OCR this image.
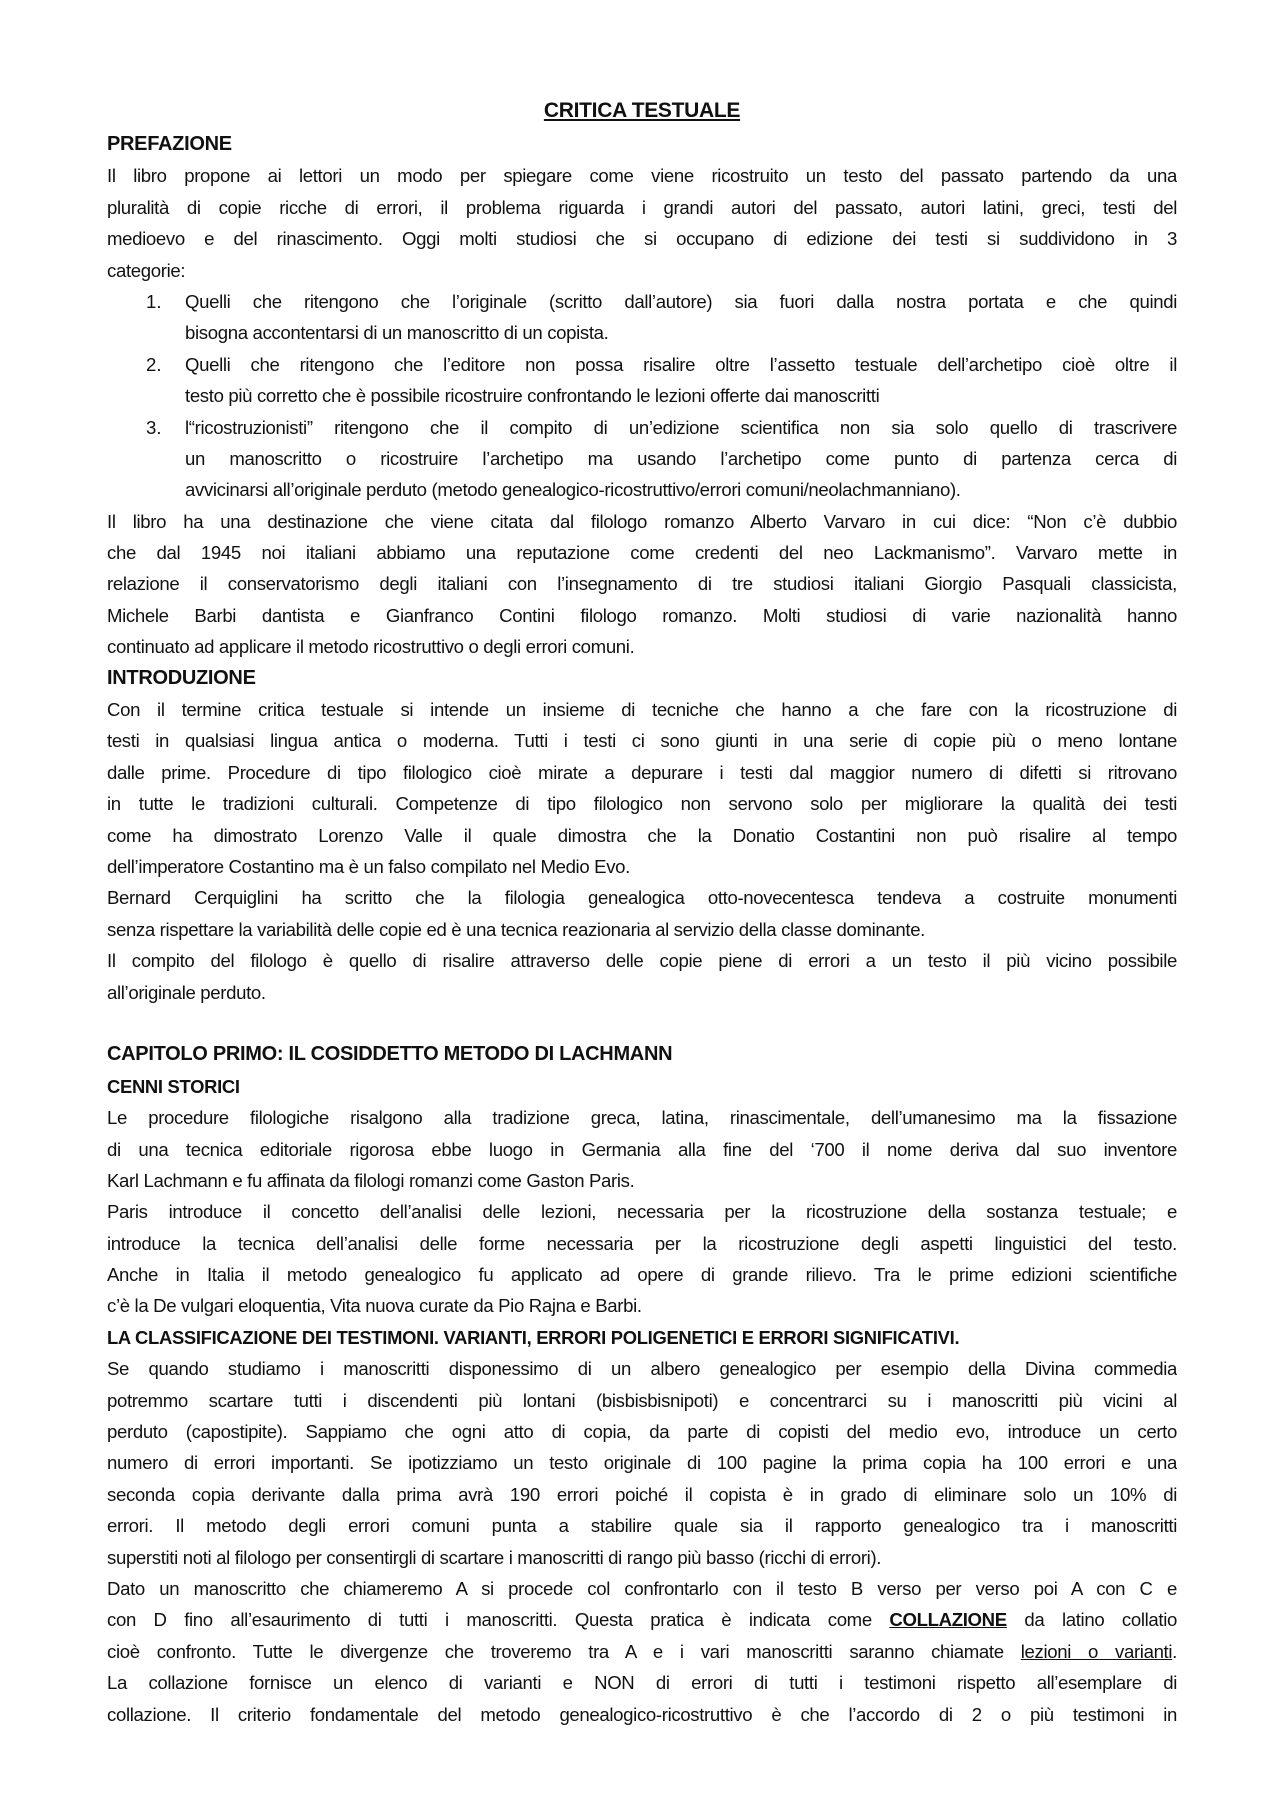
CRITICA TESTUALE
PREFAZIONE
Il libro propone ai lettori un modo per spiegare come viene ricostruito un testo del passato partendo da una
pluralità di copie ricche di errori, il problema riguarda i grandi autori del passato, autori latini, greci, testi del
medioevo e del rinascimento. Oggi molti studiosi che si occupano di edizione dei testi si suddividono in 3
categorie:
1. Quelli che ritengono che l’originale (scritto dall’autore) sia fuori dalla nostra portata e che quindi
bisogna accontentarsi di un manoscritto di un copista.
2. Quelli che ritengono che l’editore non possa risalire oltre l’assetto testuale dell’archetipo cioè oltre il
testo più corretto che è possibile ricostruire confrontando le lezioni offerte dai manoscritti
3. l“ricostruzionisti” ritengono che il compito di un’edizione scientifica non sia solo quello di trascrivere
un manoscritto o ricostruire l’archetipo ma usando l’archetipo come punto di partenza cerca di
avvicinarsi all’originale perduto (metodo genealogico-ricostruttivo/errori comuni/neolachmanniano).
Il libro ha una destinazione che viene citata dal filologo romanzo Alberto Varvaro in cui dice: “Non c’è dubbio
che dal 1945 noi italiani abbiamo una reputazione come credenti del neo Lackmanismo”. Varvaro mette in
relazione il conservatorismo degli italiani con l’insegnamento di tre studiosi italiani Giorgio Pasquali classicista,
Michele Barbi dantista e Gianfranco Contini filologo romanzo. Molti studiosi di varie nazionalità hanno
continuato ad applicare il metodo ricostruttivo o degli errori comuni.
INTRODUZIONE
Con il termine critica testuale si intende un insieme di tecniche che hanno a che fare con la ricostruzione di
testi in qualsiasi lingua antica o moderna. Tutti i testi ci sono giunti in una serie di copie più o meno lontane
dalle prime. Procedure di tipo filologico cioè mirate a depurare i testi dal maggior numero di difetti si ritrovano
in tutte le tradizioni culturali. Competenze di tipo filologico non servono solo per migliorare la qualità dei testi
come ha dimostrato Lorenzo Valle il quale dimostra che la Donatio Costantini non può risalire al tempo
dell’imperatore Costantino ma è un falso compilato nel Medio Evo.
Bernard Cerquiglini ha scritto che la filologia genealogica otto-novecentesca tendeva a costruite monumenti
senza rispettare la variabilità delle copie ed è una tecnica reazionaria al servizio della classe dominante.
Il compito del filologo è quello di risalire attraverso delle copie piene di errori a un testo il più vicino possibile
all’originale perduto.
CAPITOLO PRIMO: IL COSIDDETTO METODO DI LACHMANN
CENNI STORICI
Le procedure filologiche risalgono alla tradizione greca, latina, rinascimentale, dell’umanesimo ma la fissazione
di una tecnica editoriale rigorosa ebbe luogo in Germania alla fine del ‘700 il nome deriva dal suo inventore
Karl Lachmann e fu affinata da filologi romanzi come Gaston Paris.
Paris introduce il concetto dell’analisi delle lezioni, necessaria per la ricostruzione della sostanza testuale; e
introduce la tecnica dell’analisi delle forme necessaria per la ricostruzione degli aspetti linguistici del testo.
Anche in Italia il metodo genealogico fu applicato ad opere di grande rilievo. Tra le prime edizioni scientifiche
c’è la De vulgari eloquentia, Vita nuova curate da Pio Rajna e Barbi.
LA CLASSIFICAZIONE DEI TESTIMONI. VARIANTI, ERRORI POLIGENETICI E ERRORI SIGNIFICATIVI.
Se quando studiamo i manoscritti disponessimo di un albero genealogico per esempio della Divina commedia
potremmo scartare tutti i discendenti più lontani (bisbisbisnipoti) e concentrarci su i manoscritti più vicini al
perduto (capostipite). Sappiamo che ogni atto di copia, da parte di copisti del medio evo, introduce un certo
numero di errori importanti. Se ipotizziamo un testo originale di 100 pagine la prima copia ha 100 errori e una
seconda copia derivante dalla prima avrà 190 errori poiché il copista è in grado di eliminare solo un 10% di
errori. Il metodo degli errori comuni punta a stabilire quale sia il rapporto genealogico tra i manoscritti
superstiti noti al filologo per consentirgli di scartare i manoscritti di rango più basso (ricchi di errori).
Dato un manoscritto che chiameremo A si procede col confrontarlo con il testo B verso per verso poi A con C e
con D fino all’esaurimento di tutti i manoscritti. Questa pratica è indicata come COLLAZIONE da latino collatio
cioè confronto. Tutte le divergenze che troveremo tra A e i vari manoscritti saranno chiamate lezioni o varianti.
La collazione fornisce un elenco di varianti e NON di errori di tutti i testimoni rispetto all’esemplare di
collazione. Il criterio fondamentale del metodo genealogico-ricostruttivo è che l’accordo di 2 o più testimoni in
